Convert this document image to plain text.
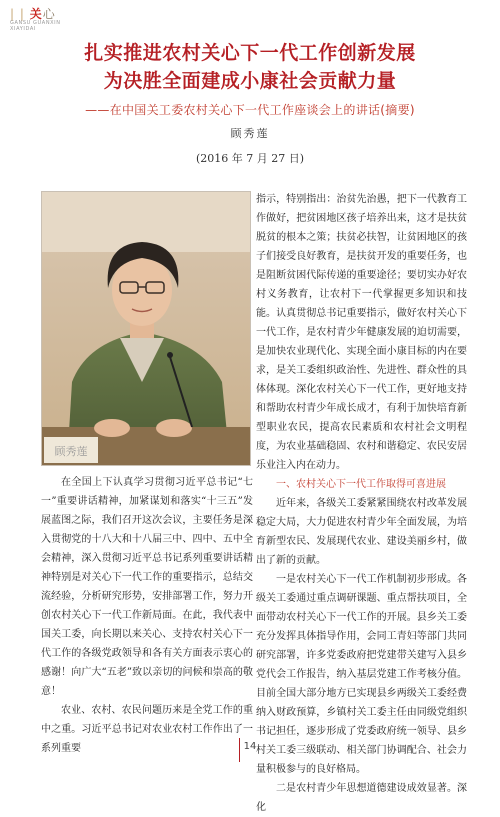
| | 关心
GANSU GUANXIN
XIAYIDAI
扎实推进农村关心下一代工作创新发展
为决胜全面建成小康社会贡献力量
——在中国关工委农村关心下一代工作座谈会上的讲话(摘要)
顾秀莲
(2016 年 7 月 27 日)
顾秀莲

在全国上下认真学习贯彻习近平总书记“七一”重要讲话精神，加紧谋划和落实“十三五”发展蓝图之际，我们召开这次会议，主要任务是深入贯彻党的十八大和十八届三中、四中、五中全会精神，深入贯彻习近平总书记系列重要讲话精神特别是对关心下一代工作的重要指示，总结交流经验，分析研究形势，安排部署工作，努力开创农村关心下一代工作新局面。在此，我代表中国关工委，向长期以来关心、支持农村关心下一代工作的各级党政领导和各有关方面表示衷心的感谢！向广大“五老”致以亲切的问候和崇高的敬意！

农业、农村、农民问题历来是全党工作的重中之重。习近平总书记对农业农村工作作出了一系列重要

指示，特别指出：治贫先治愚，把下一代教育工作做好，把贫困地区孩子培养出来，这才是扶贫脱贫的根本之策；扶贫必扶智，让贫困地区的孩子们接受良好教育，是扶贫开发的重要任务，也是阻断贫困代际传递的重要途径；要切实办好农村义务教育，让农村下一代掌握更多知识和技能。认真贯彻总书记重要指示，做好农村关心下一代工作，是农村青少年健康发展的迫切需要，是加快农业现代化、实现全面小康目标的内在要求，是关工委组织政治性、先进性、群众性的具体体现。深化农村关心下一代工作，更好地支持和帮助农村青少年成长成才，有利于加快培育新型职业农民，提高农民素质和农村社会文明程度，为农业基础稳固、农村和谐稳定、农民安居乐业注入内在动力。

一、农村关心下一代工作取得可喜进展

近年来，各级关工委紧紧围绕农村改革发展稳定大局，大力促进农村青少年全面发展，为培育新型农民、发展现代农业、建设美丽乡村，做出了新的贡献。

一是农村关心下一代工作机制初步形成。各级关工委通过重点调研课题、重点帮扶项目，全面带动农村关心下一代工作的开展。县乡关工委充分发挥具体指导作用，会同工青妇等部门共同研究部署，许多党委政府把党建带关建写入县乡党代会工作报告，纳入基层党建工作考核分值。目前全国大部分地方已实现县乡两级关工委经费纳入财政预算，乡镇村关工委主任由同级党组织书记担任，逐步形成了党委政府统一领导、县乡村关工委三级联动、相关部门协调配合、社会力量积极参与的良好格局。

二是农村青少年思想道德建设成效显著。深化

14
